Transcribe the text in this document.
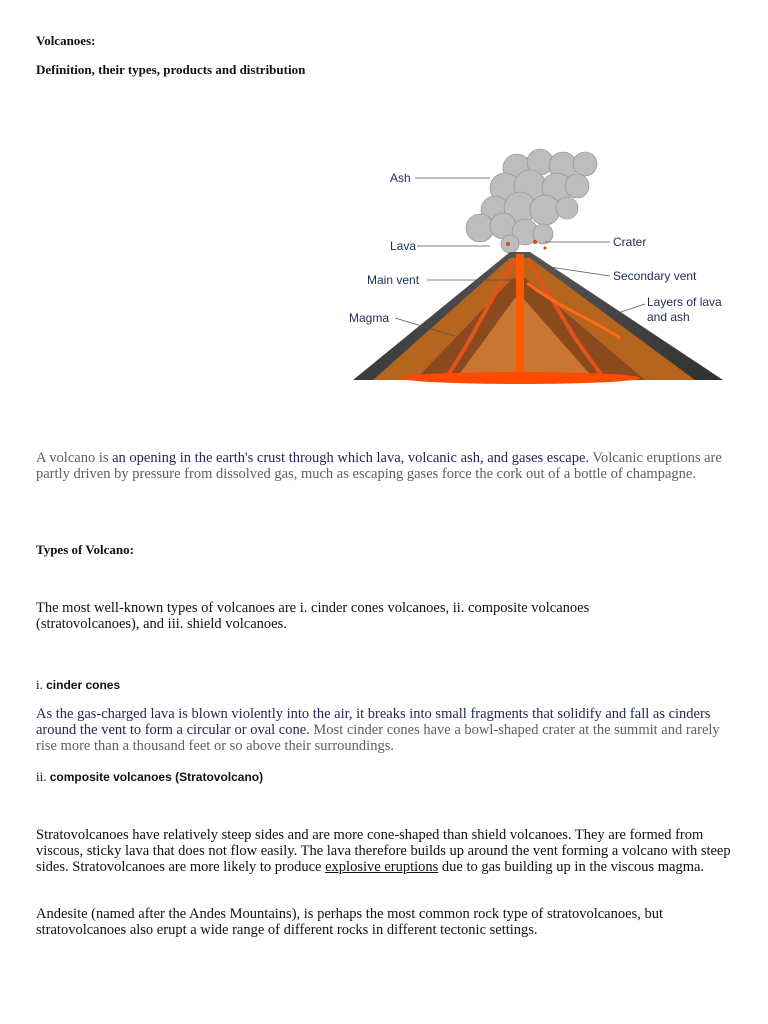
Volcanoes:

Definition, their types, products and distribution

Ash
Lava
Main vent
Magma
Crater
Secondary vent
Layers of lava
and ash

A volcano is an opening in the earth's crust through which lava, volcanic ash, and gases escape. Volcanic eruptions are partly driven by pressure from dissolved gas, much as escaping gases force the cork out of a bottle of champagne.

Types of Volcano:

The most well-known types of volcanoes are i. cinder cones volcanoes, ii. composite volcanoes (stratovolcanoes), and iii. shield volcanoes.

i. cinder cones

As the gas-charged lava is blown violently into the air, it breaks into small fragments that solidify and fall as cinders around the vent to form a circular or oval cone. Most cinder cones have a bowl-shaped crater at the summit and rarely rise more than a thousand feet or so above their surroundings.

ii. composite volcanoes (Stratovolcano)

Stratovolcanoes have relatively steep sides and are more cone-shaped than shield volcanoes. They are formed from viscous, sticky lava that does not flow easily. The lava therefore builds up around the vent forming a volcano with steep sides. Stratovolcanoes are more likely to produce explosive eruptions due to gas building up in the viscous magma.

Andesite (named after the Andes Mountains), is perhaps the most common rock type of stratovolcanoes, but stratovolcanoes also erupt a wide range of different rocks in different tectonic settings.
